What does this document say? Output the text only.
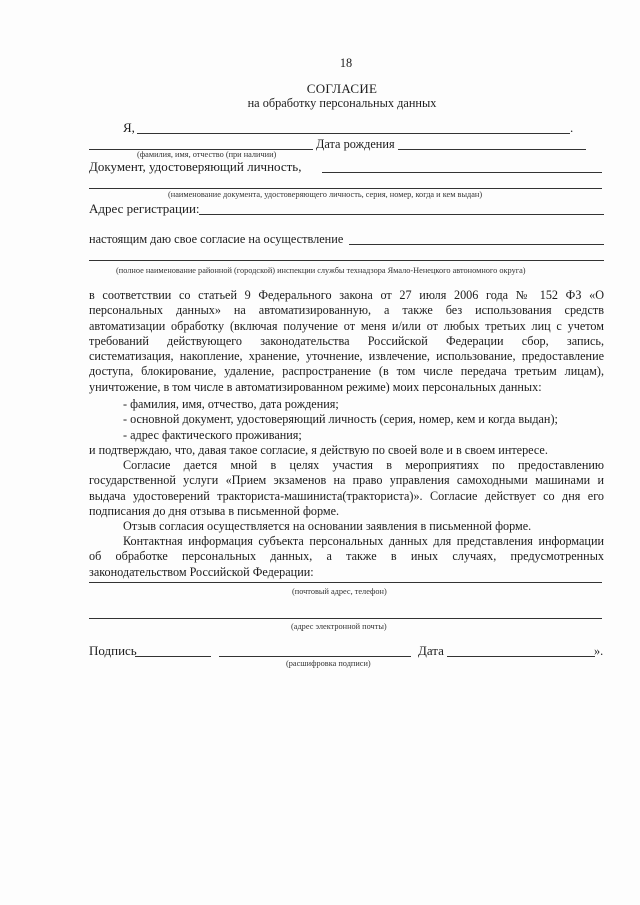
18
СОГЛАСИЕ
на обработку персональных данных
Я,	.
Дата рождения
(фамилия, имя, отчество (при наличии)
Документ, удостоверяющий личность,
(наименование документа, удостоверяющего личность, серия, номер, когда и кем выдан)
Адрес регистрации:
настоящим даю свое согласие на осуществление
(полное наименование районной (городской) инспекции службы технадзора Ямало-Ненецкого автономного округа)
в соответствии со статьей 9 Федерального закона от 27 июля 2006 года № 152 ФЗ «О
персональных данных» на автоматизированную, а также без использования средств
автоматизации обработку (включая получение от меня и/или от любых третьих лиц с учетом
требований действующего законодательства Российской Федерации сбор, запись,
систематизация, накопление, хранение, уточнение, извлечение, использование, предоставление
доступа, блокирование, удаление, распространение (в том числе передача третьим лицам),
уничтожение, в том числе в автоматизированном режиме) моих персональных данных:
- фамилия, имя, отчество, дата рождения;
- основной документ, удостоверяющий личность (серия, номер, кем и когда выдан);
- адрес фактического проживания;
и подтверждаю, что, давая такое согласие, я действую по своей воле и в своем интересе.
Согласие дается мной в целях участия в мероприятиях по предоставлению
государственной услуги «Прием экзаменов на право управления самоходными машинами и
выдача удостоверений тракториста-машиниста(тракториста)». Согласие действует со дня его
подписания до дня отзыва в письменной форме.
Отзыв согласия осуществляется на основании заявления в письменной форме.
Контактная информация субъекта персональных данных для представления информации
об обработке персональных данных, а также в иных случаях, предусмотренных
законодательством Российской Федерации:
(почтовый адрес, телефон)
(адрес электронной почты)
Подпись	Дата	».
(расшифровка подписи)
